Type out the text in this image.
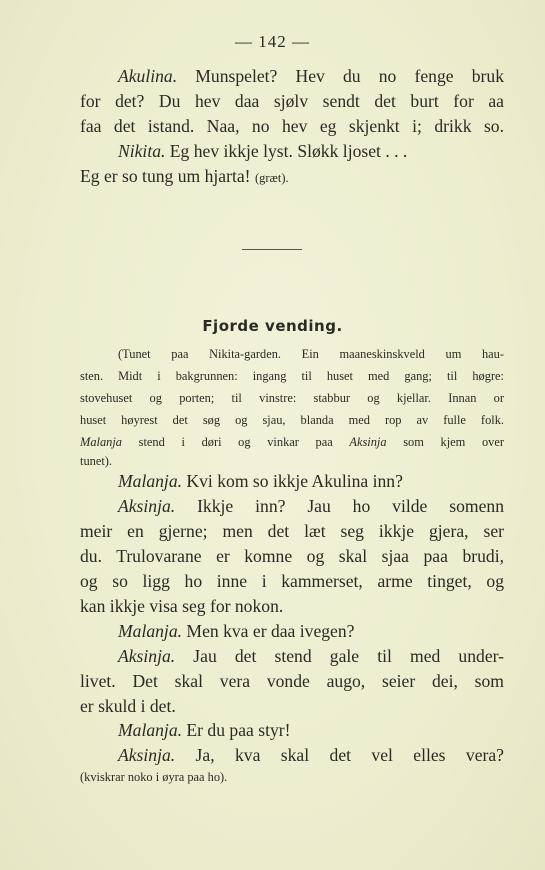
— 142 —
Akulina. Munspelet? Hev du no fenge bruk
for det? Du hev daa sjølv sendt det burt for aa
faa det istand. Naa, no hev eg skjenkt i; drikk so.
Nikita. Eg hev ikkje lyst. Sløkk ljoset . . .
Eg er so tung um hjarta! (græt).
Fjorde vending.
(Tunet paa Nikita-garden. Ein maaneskinskveld um hau-
sten. Midt i bakgrunnen: ingang til huset med gang; til høgre:
stovehuset og porten; til vinstre: stabbur og kjellar. Innan or
huset høyrest det søg og sjau, blanda med rop av fulle folk.
Malanja stend i døri og vinkar paa Aksinja som kjem over
tunet).
Malanja. Kvi kom so ikkje Akulina inn?
Aksinja. Ikkje inn? Jau ho vilde somenn
meir en gjerne; men det læt seg ikkje gjera, ser
du. Trulovarane er komne og skal sjaa paa brudi,
og so ligg ho inne i kammerset, arme tinget, og
kan ikkje visa seg for nokon.
Malanja. Men kva er daa ivegen?
Aksinja. Jau det stend gale til med under-
livet. Det skal vera vonde augo, seier dei, som
er skuld i det.
Malanja. Er du paa styr!
Aksinja. Ja, kva skal det vel elles vera?
(kviskrar noko i øyra paa ho).
